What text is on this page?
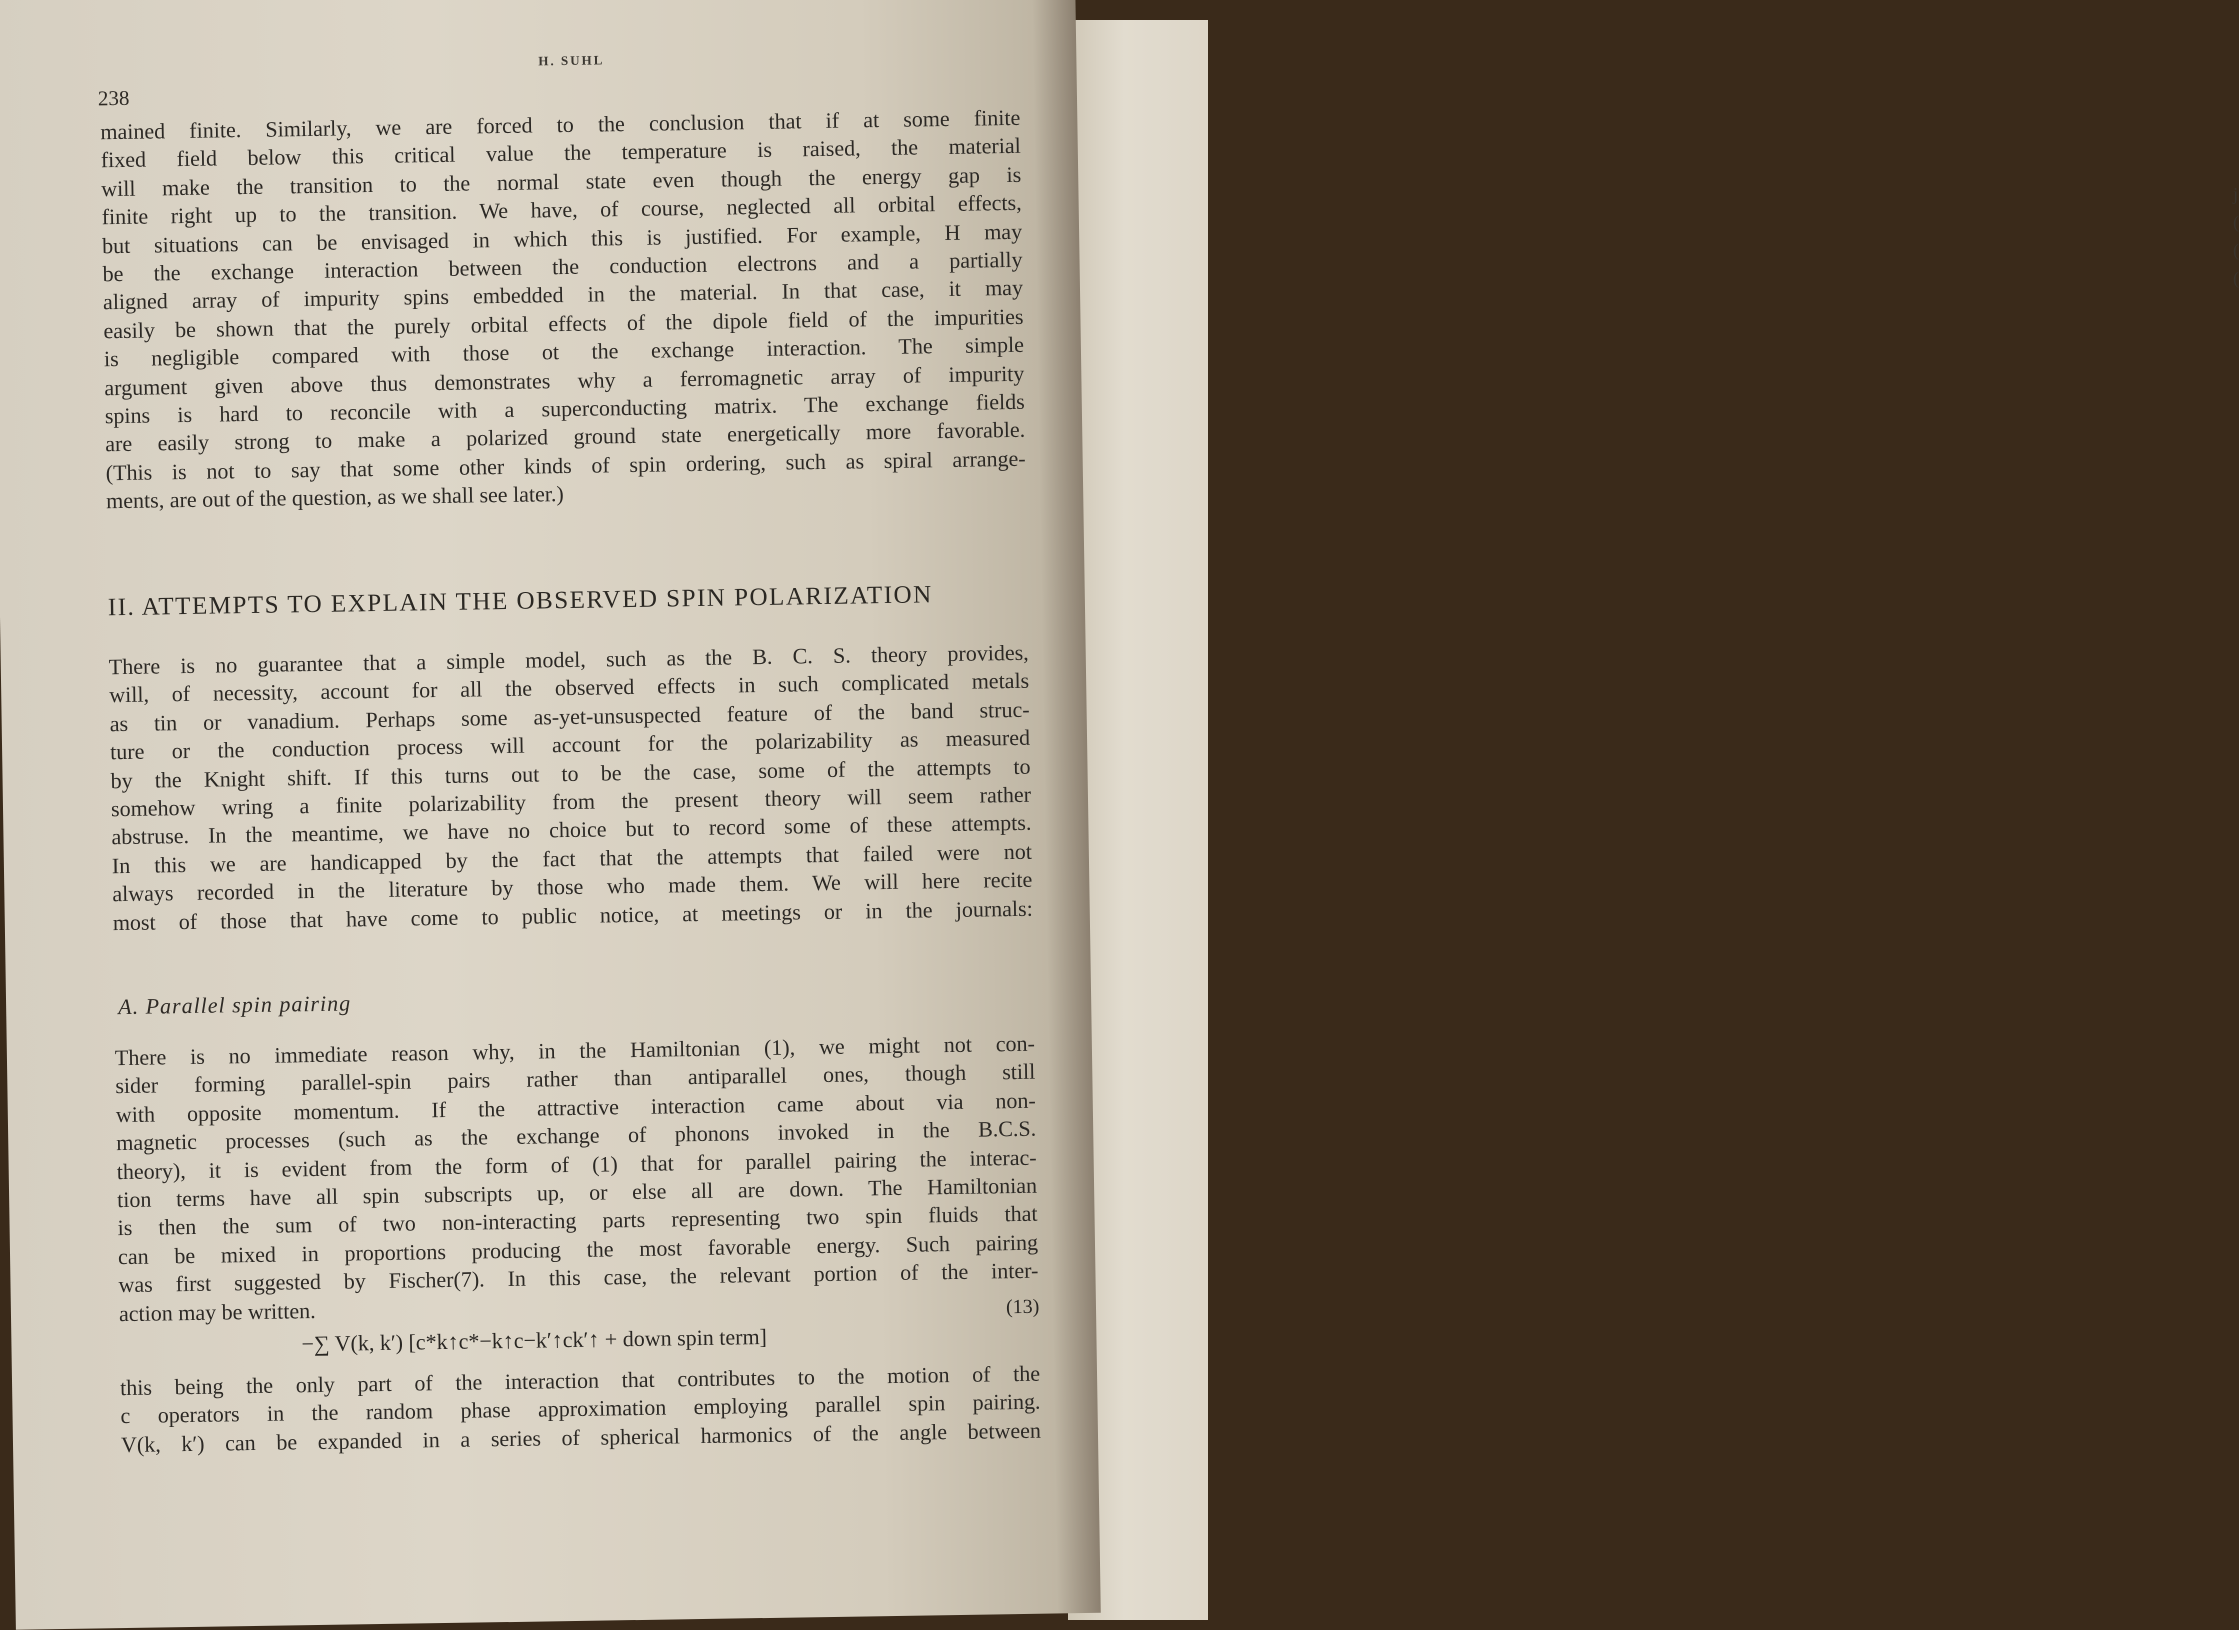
j
(
(
(
H. SUHL
238
mained finite. Similarly, we are forced to the conclusion that if at some finite
fixed field below this critical value the temperature is raised, the material
will make the transition to the normal state even though the energy gap is
finite right up to the transition. We have, of course, neglected all orbital effects,
but situations can be envisaged in which this is justified. For example, H may
be the exchange interaction between the conduction electrons and a partially
aligned array of impurity spins embedded in the material. In that case, it may
easily be shown that the purely orbital effects of the dipole field of the impurities
is negligible compared with those ot the exchange interaction. The simple
argument given above thus demonstrates why a ferromagnetic array of impurity
spins is hard to reconcile with a superconducting matrix. The exchange fields
are easily strong to make a polarized ground state energetically more favorable.
(This is not to say that some other kinds of spin ordering, such as spiral arrange-
ments, are out of the question, as we shall see later.)
II. ATTEMPTS TO EXPLAIN THE OBSERVED SPIN POLARIZATION
There is no guarantee that a simple model, such as the B. C. S. theory provides,
will, of necessity, account for all the observed effects in such complicated metals
as tin or vanadium. Perhaps some as-yet-unsuspected feature of the band struc-
ture or the conduction process will account for the polarizability as measured
by the Knight shift. If this turns out to be the case, some of the attempts to
somehow wring a finite polarizability from the present theory will seem rather
abstruse. In the meantime, we have no choice but to record some of these attempts.
In this we are handicapped by the fact that the attempts that failed were not
always recorded in the literature by those who made them. We will here recite
most of those that have come to public notice, at meetings or in the journals:
A. Parallel spin pairing
There is no immediate reason why, in the Hamiltonian (1), we might not con-
sider forming parallel-spin pairs rather than antiparallel ones, though still
with opposite momentum. If the attractive interaction came about via non-
magnetic processes (such as the exchange of phonons invoked in the B.C.S.
theory), it is evident from the form of (1) that for parallel pairing the interac-
tion terms have all spin subscripts up, or else all are down. The Hamiltonian
is then the sum of two non-interacting parts representing two spin fluids that
can be mixed in proportions producing the most favorable energy. Such pairing
was first suggested by Fischer(7). In this case, the relevant portion of the inter-
action may be written.	(13)
−∑ V(k, k′) [c*k↑c*−k↑c−k′↑ck′↑ + down spin term]
this being the only part of the interaction that contributes to the motion of the
c operators in the random phase approximation employing parallel spin pairing.
V(k, k′) can be expanded in a series of spherical harmonics of the angle between
